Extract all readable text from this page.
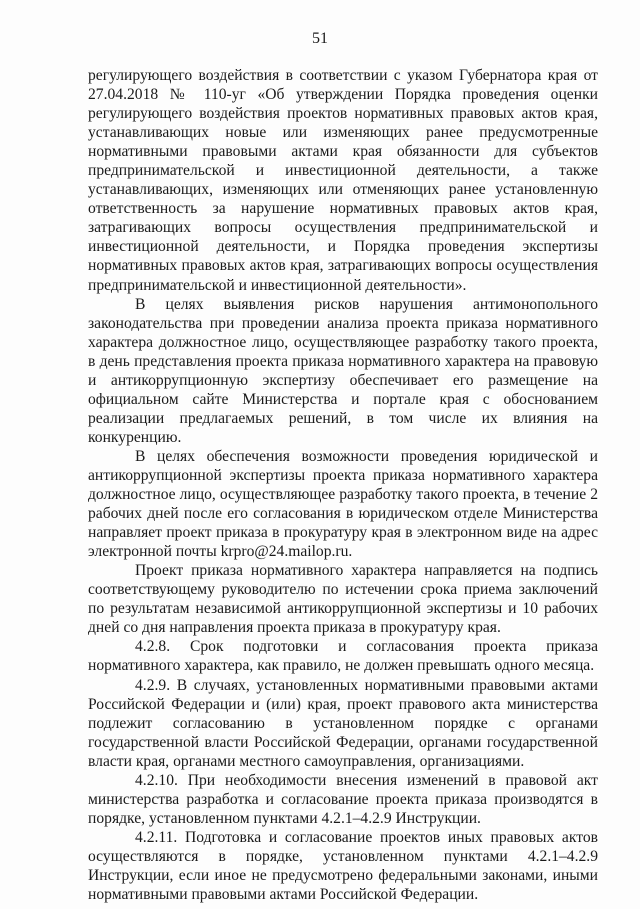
51

регулирующего воздействия в соответствии с указом Губернатора края от 27.04.2018 № 110-уг «Об утверждении Порядка проведения оценки регулирующего воздействия проектов нормативных правовых актов края, устанавливающих новые или изменяющих ранее предусмотренные нормативными правовыми актами края обязанности для субъектов предпринимательской и инвестиционной деятельности, а также устанавливающих, изменяющих или отменяющих ранее установленную ответственность за нарушение нормативных правовых актов края, затрагивающих вопросы осуществления предпринимательской и инвестиционной деятельности, и Порядка проведения экспертизы нормативных правовых актов края, затрагивающих вопросы осуществления предпринимательской и инвестиционной деятельности».

В целях выявления рисков нарушения антимонопольного законодательства при проведении анализа проекта приказа нормативного характера должностное лицо, осуществляющее разработку такого проекта, в день представления проекта приказа нормативного характера на правовую и антикоррупционную экспертизу обеспечивает его размещение на официальном сайте Министерства и портале края с обоснованием реализации предлагаемых решений, в том числе их влияния на конкуренцию.

В целях обеспечения возможности проведения юридической и антикоррупционной экспертизы проекта приказа нормативного характера должностное лицо, осуществляющее разработку такого проекта, в течение 2 рабочих дней после его согласования в юридическом отделе Министерства направляет проект приказа в прокуратуру края в электронном виде на адрес электронной почты krpro@24.mailop.ru.

Проект приказа нормативного характера направляется на подпись соответствующему руководителю по истечении срока приема заключений по результатам независимой антикоррупционной экспертизы и 10 рабочих дней со дня направления проекта приказа в прокуратуру края.

4.2.8. Срок подготовки и согласования проекта приказа нормативного характера, как правило, не должен превышать одного месяца.

4.2.9. В случаях, установленных нормативными правовыми актами Российской Федерации и (или) края, проект правового акта министерства подлежит согласованию в установленном порядке с органами государственной власти Российской Федерации, органами государственной власти края, органами местного самоуправления, организациями.

4.2.10. При необходимости внесения изменений в правовой акт министерства разработка и согласование проекта приказа производятся в порядке, установленном пунктами 4.2.1–4.2.9 Инструкции.

4.2.11. Подготовка и согласование проектов иных правовых актов осуществляются в порядке, установленном пунктами 4.2.1–4.2.9 Инструкции, если иное не предусмотрено федеральными законами, иными нормативными правовыми актами Российской Федерации.
